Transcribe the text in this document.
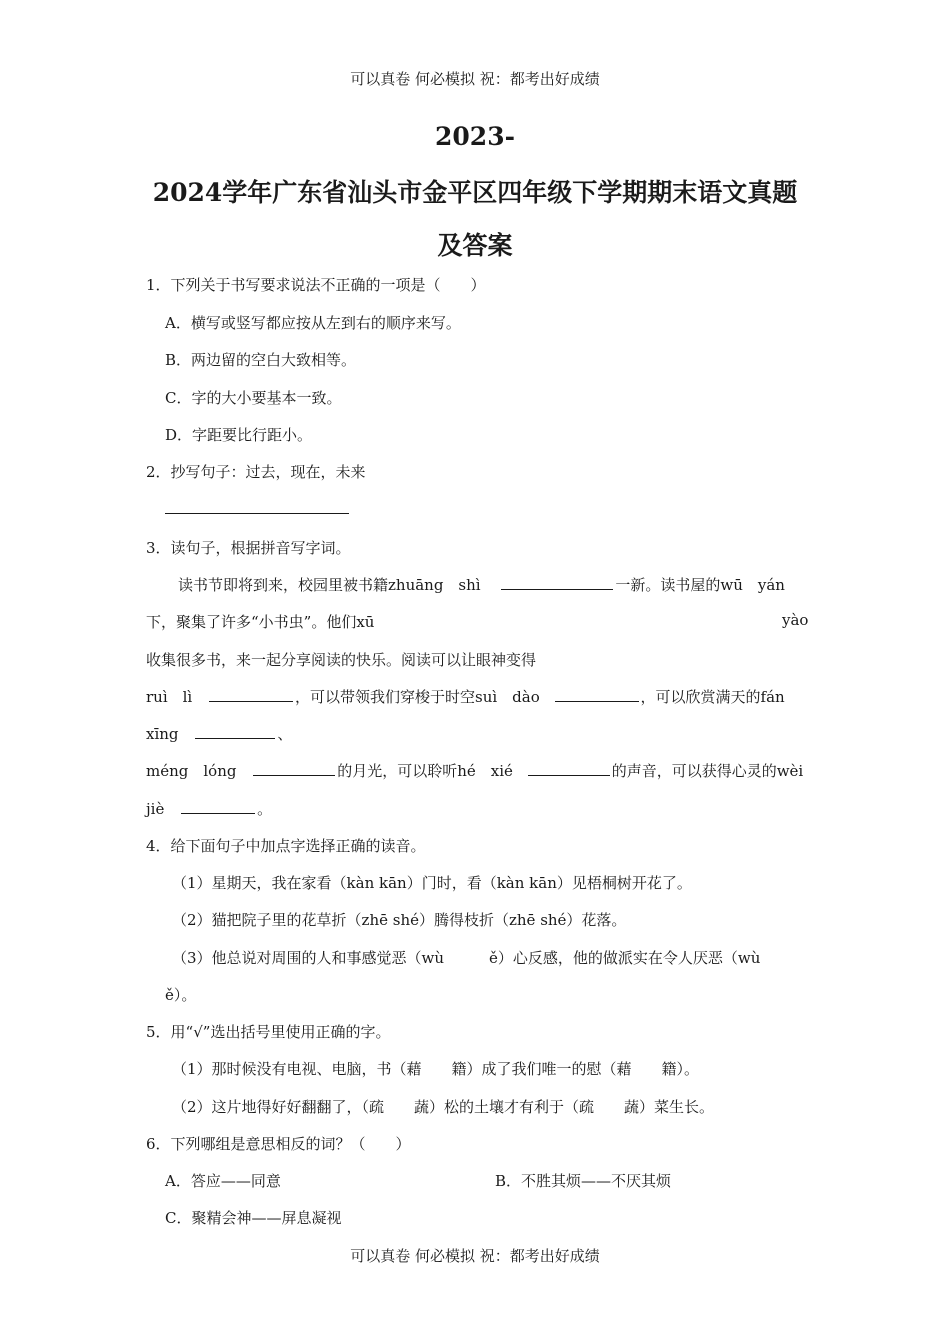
可以真卷 何必模拟 祝：都考出好成绩
可以真卷 何必模拟 祝：都考出好成绩
2023-
2024学年广东省汕头市金平区四年级下学期期末语文真题
及答案
1．下列关于书写要求说法不正确的一项是（　　）
A．横写或竖写都应按从左到右的顺序来写。
B．两边留的空白大致相等。
C．字的大小要基本一致。
D．字距要比行距小。
2．抄写句子：过去，现在，未来
3．读句子，根据拼音写字词。
读书节即将到来，校园里被书籍zhuāng　shì	一新。读书屋的wū　yán
下，聚集了许多“小书虫”。他们xū	yào
收集很多书，来一起分享阅读的快乐。阅读可以让眼神变得
ruì　lì	，可以带领我们穿梭于时空suì　dào	，可以欣赏满天的fán
xīng	、
méng　lóng	的月光，可以聆听hé　xié	的声音，可以获得心灵的wèi
jiè	。
4．给下面句子中加点字选择正确的读音。
（1）星期天，我在家看（kàn kān）门时，看（kàn kān）见梧桐树开花了。
（2）猫把院子里的花草折（zhē shé）腾得枝折（zhē shé）花落。
（3）他总说对周围的人和事感觉恶（wù　　　ě）心反感，他的做派实在令人厌恶（wù
ě）。
5．用“√”选出括号里使用正确的字。
（1）那时候没有电视、电脑，书（藉　　籍）成了我们唯一的慰（藉　　籍）。
（2）这片地得好好翻翻了，（疏　　蔬）松的土壤才有利于（疏　　蔬）菜生长。
6．下列哪组是意思相反的词？（　　）
A．答应——同意	B．不胜其烦——不厌其烦
C．聚精会神——屏息凝视
